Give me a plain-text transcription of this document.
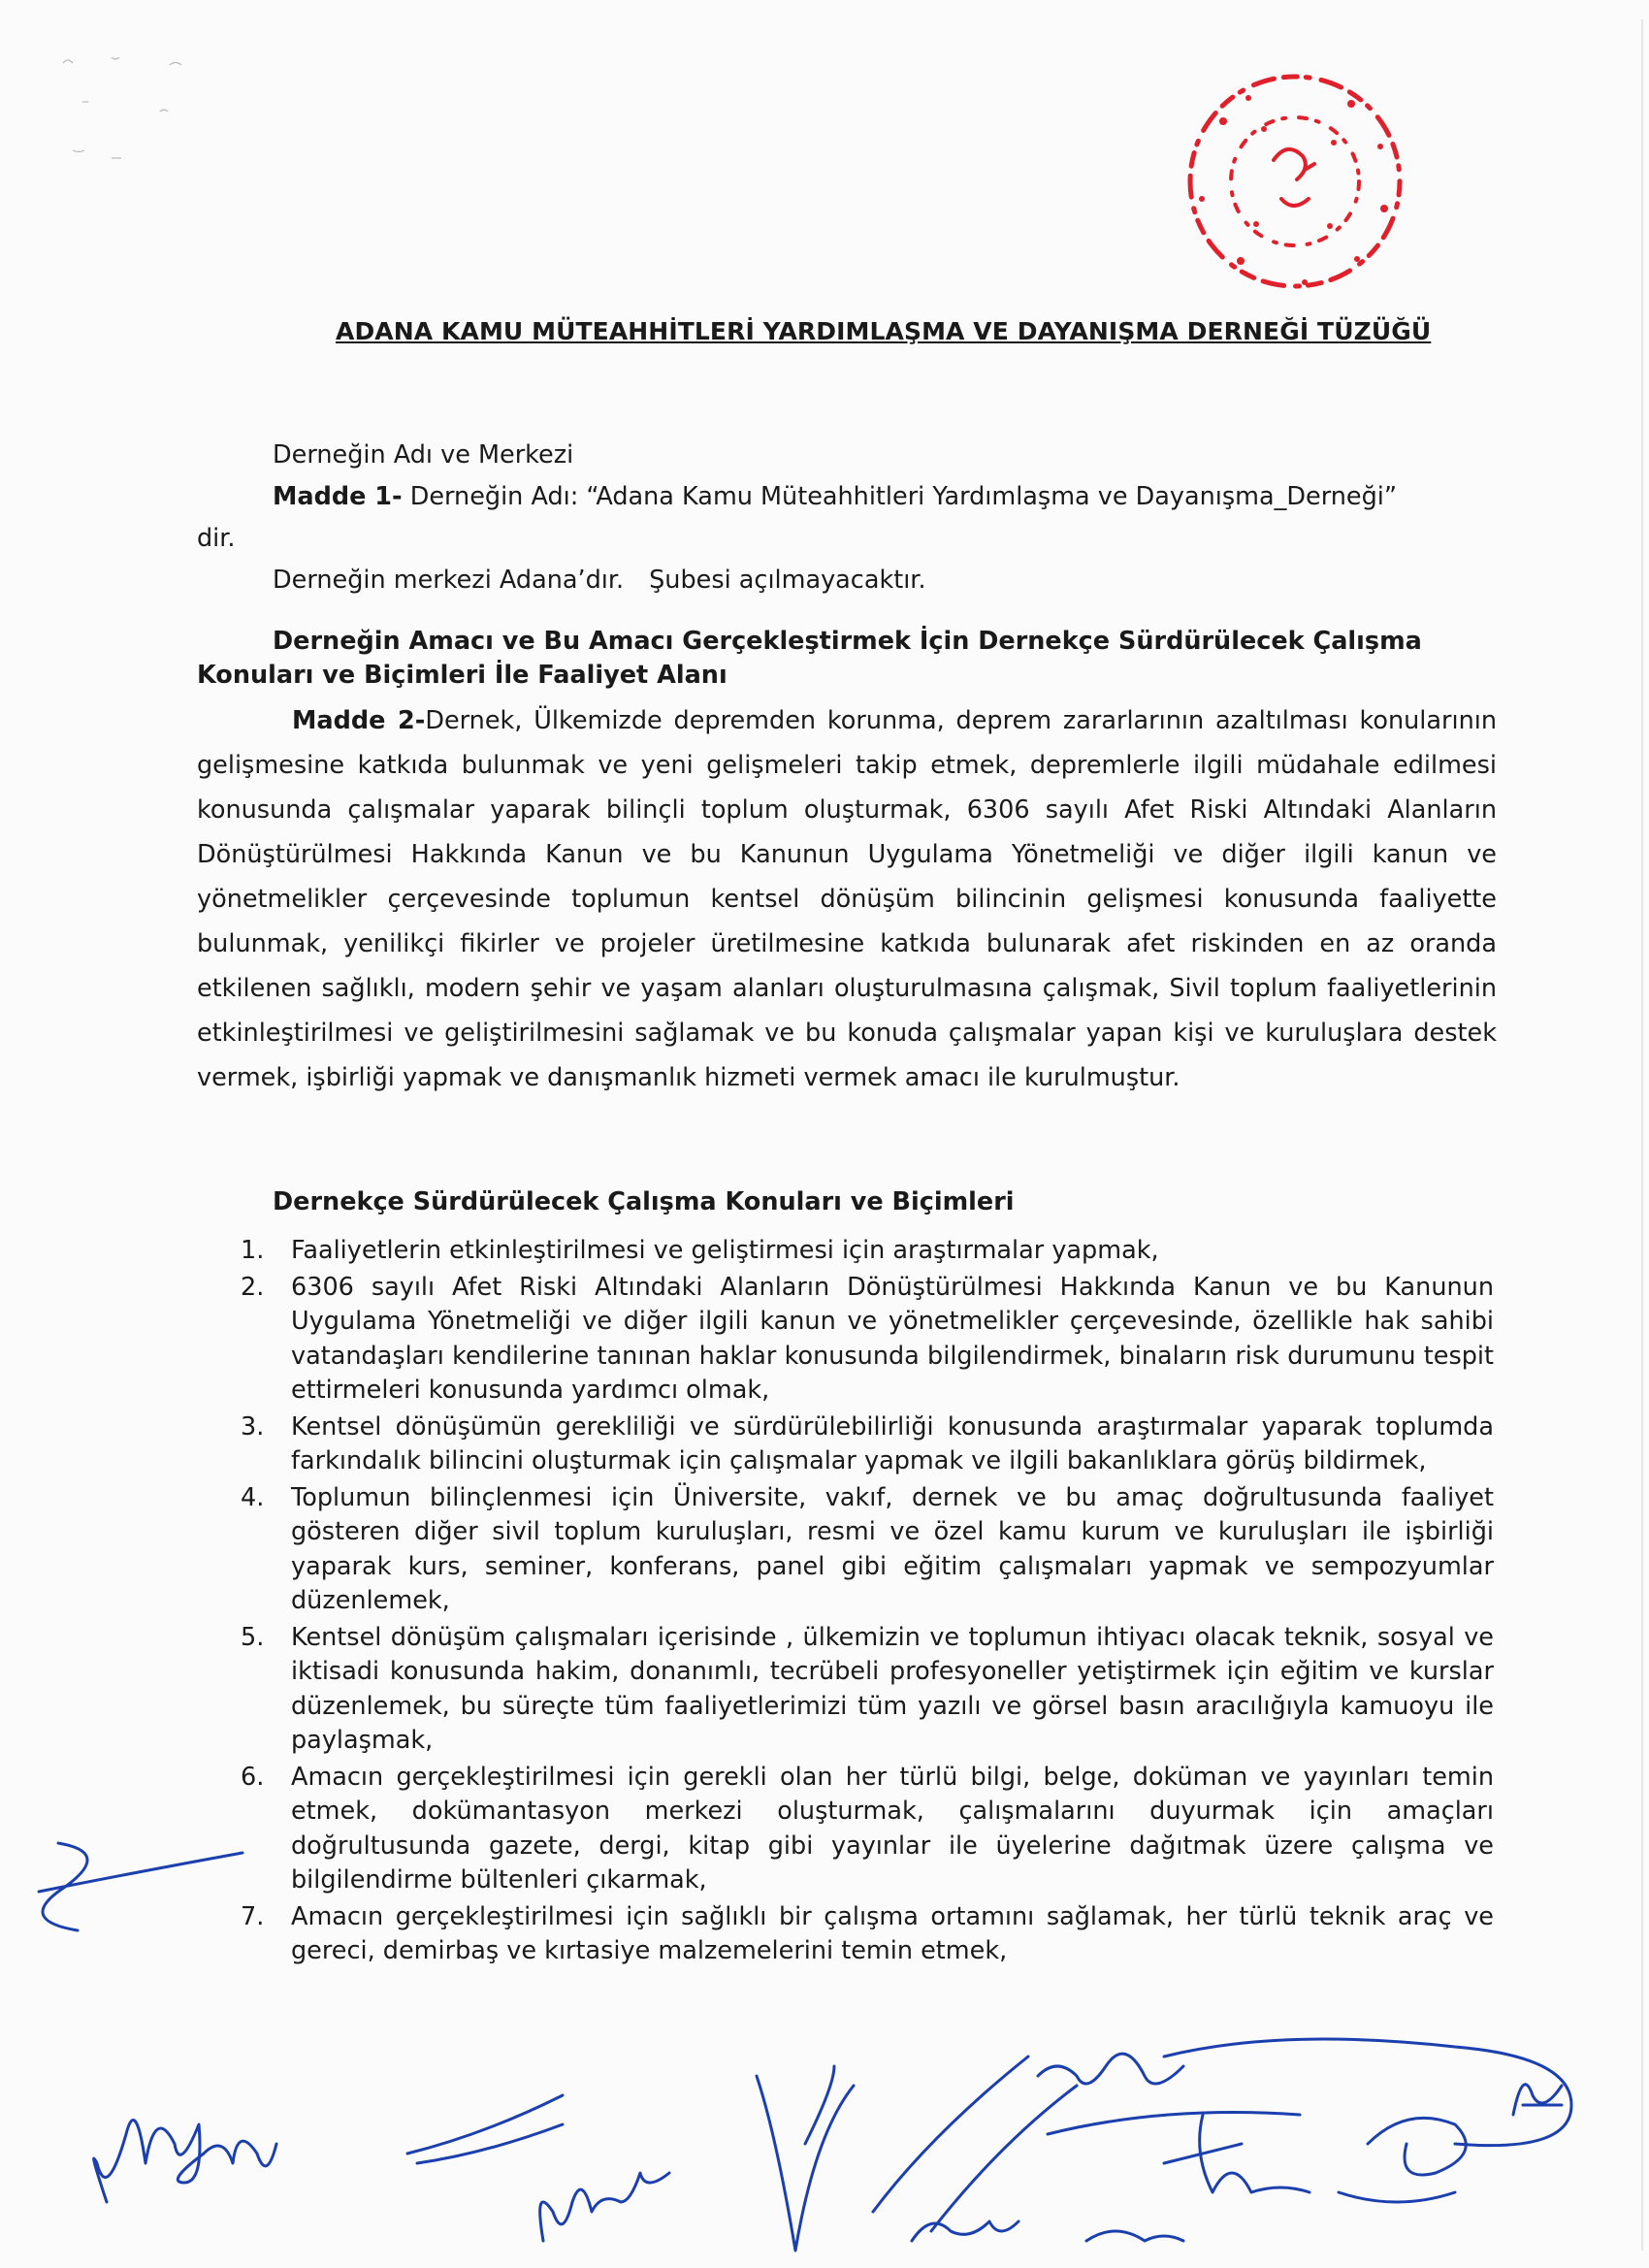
ADANA KAMU MÜTEAHHİTLERİ YARDIMLAŞMA VE DAYANIŞMA DERNEĞİ TÜZÜĞÜ
Derneğin Adı ve Merkezi
Madde 1- Derneğin Adı: “Adana Kamu Müteahhitleri Yardımlaşma ve Dayanışma_Derneği”
dir.
Derneğin merkezi Adana’dır. Şubesi açılmayacaktır.
Derneğin Amacı ve Bu Amacı Gerçekleştirmek İçin Dernekçe Sürdürülecek Çalışma Konuları ve Biçimleri İle Faaliyet Alanı
Madde 2-Dernek, Ülkemizde depremden korunma, deprem zararlarının azaltılması konularının gelişmesine katkıda bulunmak ve yeni gelişmeleri takip etmek, depremlerle ilgili müdahale edilmesi konusunda çalışmalar yaparak bilinçli toplum oluşturmak, 6306 sayılı Afet Riski Altındaki Alanların Dönüştürülmesi Hakkında Kanun ve bu Kanunun Uygulama Yönetmeliği ve diğer ilgili kanun ve yönetmelikler çerçevesinde toplumun kentsel dönüşüm bilincinin gelişmesi konusunda faaliyette bulunmak, yenilikçi fikirler ve projeler üretilmesine katkıda bulunarak afet riskinden en az oranda etkilenen sağlıklı, modern şehir ve yaşam alanları oluşturulmasına çalışmak, Sivil toplum faaliyetlerinin etkinleştirilmesi ve geliştirilmesini sağlamak ve bu konuda çalışmalar yapan kişi ve kuruluşlara destek vermek, işbirliği yapmak ve danışmanlık hizmeti vermek amacı ile kurulmuştur.
Dernekçe Sürdürülecek Çalışma Konuları ve Biçimleri
1.	Faaliyetlerin etkinleştirilmesi ve geliştirmesi için araştırmalar yapmak,
2.	6306 sayılı Afet Riski Altındaki Alanların Dönüştürülmesi Hakkında Kanun ve bu Kanunun Uygulama Yönetmeliği ve diğer ilgili kanun ve yönetmelikler çerçevesinde, özellikle hak sahibi vatandaşları kendilerine tanınan haklar konusunda bilgilendirmek, binaların risk durumunu tespit ettirmeleri konusunda yardımcı olmak,
3.	Kentsel dönüşümün gerekliliği ve sürdürülebilirliği konusunda araştırmalar yaparak toplumda farkındalık bilincini oluşturmak için çalışmalar yapmak ve ilgili bakanlıklara görüş bildirmek,
4.	Toplumun bilinçlenmesi için Üniversite, vakıf, dernek ve bu amaç doğrultusunda faaliyet gösteren diğer sivil toplum kuruluşları, resmi ve özel kamu kurum ve kuruluşları ile işbirliği yaparak kurs, seminer, konferans, panel gibi eğitim çalışmaları yapmak ve sempozyumlar düzenlemek,
5.	Kentsel dönüşüm çalışmaları içerisinde , ülkemizin ve toplumun ihtiyacı olacak teknik, sosyal ve iktisadi konusunda hakim, donanımlı, tecrübeli profesyoneller yetiştirmek için eğitim ve kurslar düzenlemek, bu süreçte tüm faaliyetlerimizi tüm yazılı ve görsel basın aracılığıyla kamuoyu ile paylaşmak,
6.	Amacın gerçekleştirilmesi için gerekli olan her türlü bilgi, belge, doküman ve yayınları temin etmek, dokümantasyon merkezi oluşturmak, çalışmalarını duyurmak için amaçları doğrultusunda gazete, dergi, kitap gibi yayınlar ile üyelerine dağıtmak üzere çalışma ve bilgilendirme bültenleri çıkarmak,
7.	Amacın gerçekleştirilmesi için sağlıklı bir çalışma ortamını sağlamak, her türlü teknik araç ve gereci, demirbaş ve kırtasiye malzemelerini temin etmek,
